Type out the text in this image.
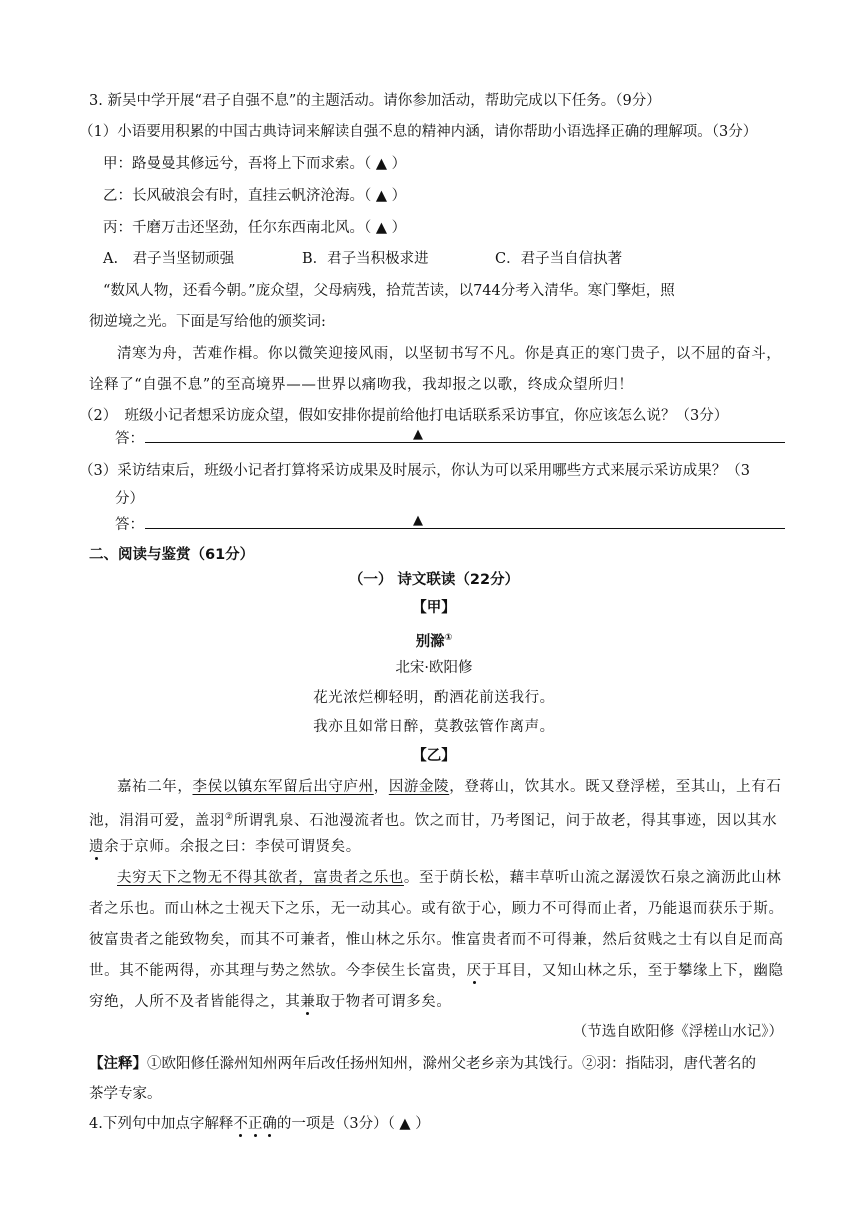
3. 新吴中学开展“君子自强不息”的主题活动。请你参加活动，帮助完成以下任务。（9分）
（1）小语要用积累的中国古典诗词来解读自强不息的精神内涵，请你帮助小语选择正确的理解项。（3分）
甲：路曼曼其修远兮，吾将上下而求索。（ ▲ ）
乙：长风破浪会有时，直挂云帆济沧海。（ ▲ ）
丙：千磨万击还坚劲，任尔东西南北风。（ ▲ ）
A.　君子当坚韧顽强	B．君子当积极求进	C．君子当自信执著
“数风人物，还看今朝。”庞众望，父母病残，拾荒苦读，以744分考入清华。寒门擎炬，照
彻逆境之光。下面是写给他的颁奖词:
清寒为舟，苦难作楫。你以微笑迎接风雨，以坚韧书写不凡。你是真正的寒门贵子，以不屈的奋斗，
诠释了“自强不息”的至高境界——世界以痛吻我，我却报之以歌，终成众望所归！
（2）　班级小记者想采访庞众望，假如安排你提前给他打电话联系采访事宜，你应该怎么说？（3分）
答：	▲
（3）采访结束后，班级小记者打算将采访成果及时展示，你认为可以采用哪些方式来展示采访成果？（3
分）
答：	▲
二、阅读与鉴赏（61分）
（一） 诗文联读（22分）
【甲】
别滁①
北宋·欧阳修
花光浓烂柳轻明，酌酒花前送我行。
我亦且如常日醉，莫教弦管作离声。
【乙】
嘉祐二年，李侯以镇东军留后出守庐州，因游金陵，登蒋山，饮其水。既又登浮槎，至其山，上有石
池，涓涓可爱，盖羽②所谓乳泉、石池漫流者也。饮之而甘，乃考图记，问于故老，得其事迹，因以其水
遗余于京师。余报之曰：李侯可谓贤矣。
夫穷天下之物无不得其欲者，富贵者之乐也。至于荫长松，藉丰草听山流之潺湲饮石泉之滴沥此山林
者之乐也。而山林之士视天下之乐，无一动其心。或有欲于心，顾力不可得而止者，乃能退而获乐于斯。
彼富贵者之能致物矣，而其不可兼者，惟山林之乐尔。惟富贵者而不可得兼，然后贫贱之士有以自足而高
世。其不能两得，亦其理与势之然欤。今李侯生长富贵，厌于耳目，又知山林之乐，至于攀缘上下，幽隐
穷绝，人所不及者皆能得之，其兼取于物者可谓多矣。
（节选自欧阳修《浮槎山水记》）
【注释】①欧阳修任滁州知州两年后改任扬州知州，滁州父老乡亲为其饯行。②羽：指陆羽，唐代著名的
茶学专家。
4.下列句中加点字解释不正确的一项是（3分）（ ▲ ）
